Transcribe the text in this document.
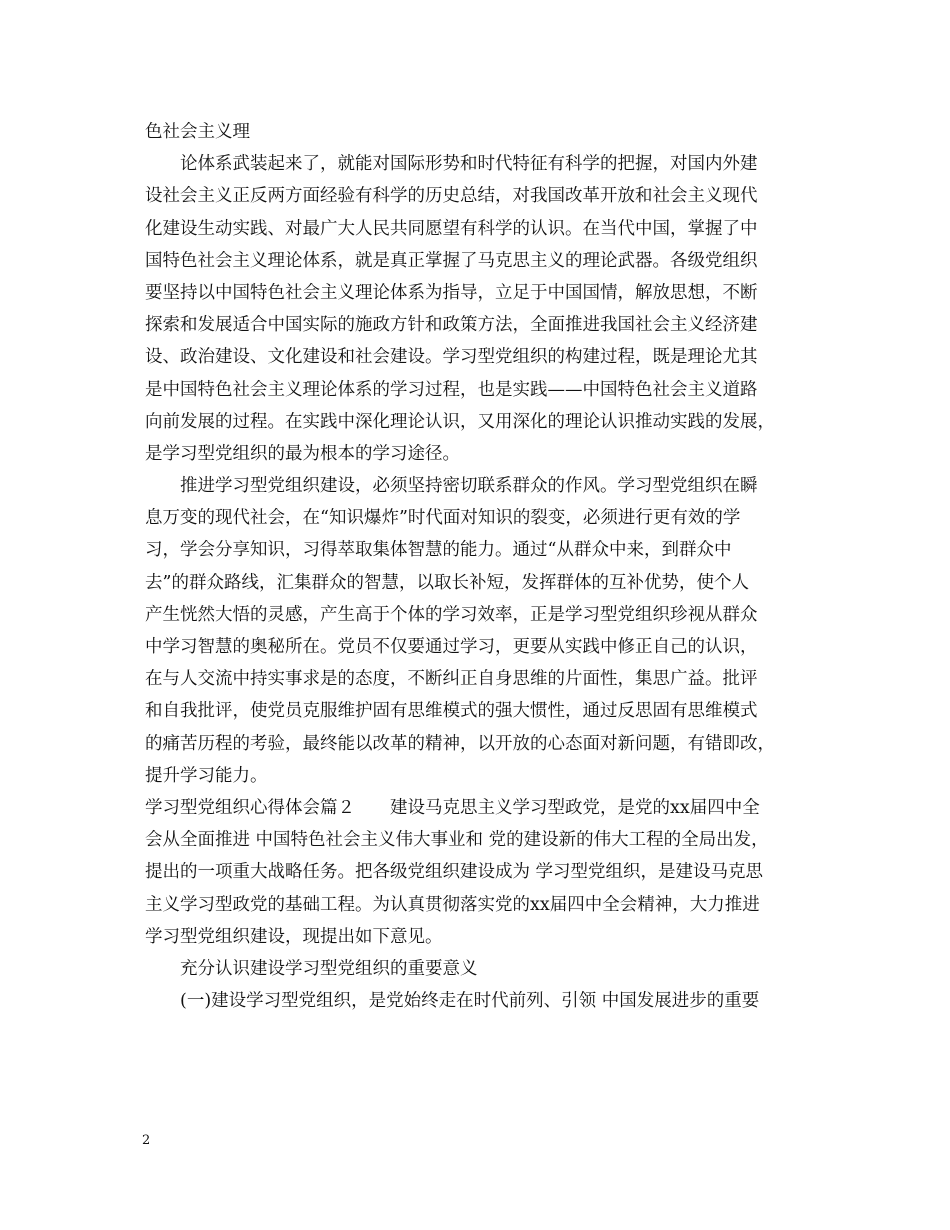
色社会主义理
　　论体系武装起来了，就能对国际形势和时代特征有科学的把握，对国内外建
设社会主义正反两方面经验有科学的历史总结，对我国改革开放和社会主义现代
化建设生动实践、对最广大人民共同愿望有科学的认识。在当代中国，掌握了中
国特色社会主义理论体系，就是真正掌握了马克思主义的理论武器。各级党组织
要坚持以中国特色社会主义理论体系为指导，立足于中国国情，解放思想，不断
探索和发展适合中国实际的施政方针和政策方法，全面推进我国社会主义经济建
设、政治建设、文化建设和社会建设。学习型党组织的构建过程，既是理论尤其
是中国特色社会主义理论体系的学习过程，也是实践——中国特色社会主义道路
向前发展的过程。在实践中深化理论认识，又用深化的理论认识推动实践的发展，
是学习型党组织的最为根本的学习途径。
　　推进学习型党组织建设，必须坚持密切联系群众的作风。学习型党组织在瞬
息万变的现代社会，在“知识爆炸”时代面对知识的裂变，必须进行更有效的学
习，学会分享知识，习得萃取集体智慧的能力。通过“从群众中来，到群众中
去”的群众路线，汇集群众的智慧，以取长补短，发挥群体的互补优势，使个人
产生恍然大悟的灵感，产生高于个体的学习效率，正是学习型党组织珍视从群众
中学习智慧的奥秘所在。党员不仅要通过学习，更要从实践中修正自己的认识，
在与人交流中持实事求是的态度，不断纠正自身思维的片面性，集思广益。批评
和自我批评，使党员克服维护固有思维模式的强大惯性，通过反思固有思维模式
的痛苦历程的考验，最终能以改革的精神，以开放的心态面对新问题，有错即改，
提升学习能力。
学习型党组织心得体会篇２　　建设马克思主义学习型政党，是党的xx届四中全
会从全面推进 中国特色社会主义伟大事业和 党的建设新的伟大工程的全局出发，
提出的一项重大战略任务。把各级党组织建设成为 学习型党组织，是建设马克思
主义学习型政党的基础工程。为认真贯彻落实党的xx届四中全会精神，大力推进
学习型党组织建设，现提出如下意见。
　　充分认识建设学习型党组织的重要意义
　　(一)建设学习型党组织，是党始终走在时代前列、引领 中国发展进步的重要
2
